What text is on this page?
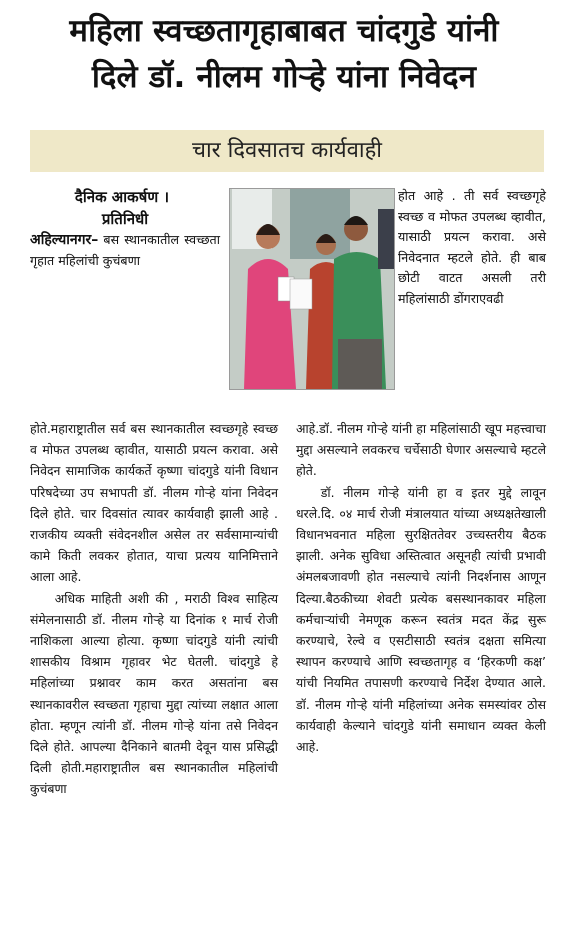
महिला स्वच्छतागृहाबाबत चांदगुडे यांनी
दिले डॉ. नीलम गोऱ्हे यांना निवेदन
चार दिवसातच कार्यवाही
दैनिक आकर्षण ।
प्रतिनिधी

अहिल्यानगर– बस स्थानकातील स्वच्छता गृहात महिलांची कुचंबणा

होत आहे . ती सर्व स्वच्छगृहे स्वच्छ व मोफत उपलब्ध व्हावीत, यासाठी प्रयत्न करावा. असे निवेदनात म्हटले होते. ही बाब छोटी वाटत असली तरी महिलांसाठी डोंगराएवढी

होते.महाराष्ट्रातील सर्व बस स्थानकातील स्वच्छगृहे स्वच्छ व मोफत उपलब्ध व्हावीत, यासाठी प्रयत्न करावा. असे निवेदन सामाजिक कार्यकर्ते कृष्णा चांदगुडे यांनी विधान परिषदेच्या उप सभापती डॉ. नीलम गोऱ्हे यांना निवेदन दिले होते. चार दिवसांत त्यावर कार्यवाही झाली आहे . राजकीय व्यक्ती संवेदनशील असेल तर सर्वसामान्यांची कामे किती लवकर होतात, याचा प्रत्यय यानिमित्ताने आला आहे.

अधिक माहिती अशी की , मराठी विश्व साहित्य संमेलनासाठी डॉ. नीलम गोऱ्हे या दिनांक १ मार्च रोजी नाशिकला आल्या होत्या. कृष्णा चांदगुडे यांनी त्यांची शासकीय विश्राम गृहावर भेट घेतली. चांदगुडे हे महिलांच्या प्रश्नावर काम करत असतांना बस स्थानकावरील स्वच्छता गृहाचा मुद्दा त्यांच्या लक्षात आला होता. म्हणून त्यांनी डॉ. नीलम गोऱ्हे यांना तसे निवेदन दिले होते. आपल्या दैनिकाने बातमी देवून यास प्रसिद्धी दिली होती.महाराष्ट्रातील बस स्थानकातील महिलांची कुचंबणा

आहे.डॉ. नीलम गोऱ्हे यांनी हा महिलांसाठी खूप महत्त्वाचा मुद्दा असल्याने लवकरच चर्चेसाठी घेणार असल्याचे म्हटले होते.

डॉ. नीलम गोऱ्हे यांनी हा व इतर मुद्दे लावून धरले.दि. ०४ मार्च रोजी मंत्रालयात यांच्या अध्यक्षतेखाली विधानभवनात महिला सुरक्षिततेवर उच्चस्तरीय बैठक झाली. अनेक सुविधा अस्तित्वात असूनही त्यांची प्रभावी अंमलबजावणी होत नसल्याचे त्यांनी निदर्शनास आणून दिल्या.बैठकीच्या शेवटी प्रत्येक बसस्थानकावर महिला कर्मचाऱ्यांची नेमणूक करून स्वतंत्र मदत केंद्र सुरू करण्याचे, रेल्वे व एसटीसाठी स्वतंत्र दक्षता समित्या स्थापन करण्याचे आणि स्वच्छतागृह व ‘हिरकणी कक्ष’ यांची नियमित तपासणी करण्याचे निर्देश देण्यात आले. डॉ. नीलम गोऱ्हे यांनी महिलांच्या अनेक समस्यांवर ठोस कार्यवाही केल्याने चांदगुडे यांनी समाधान व्यक्त केली आहे.
